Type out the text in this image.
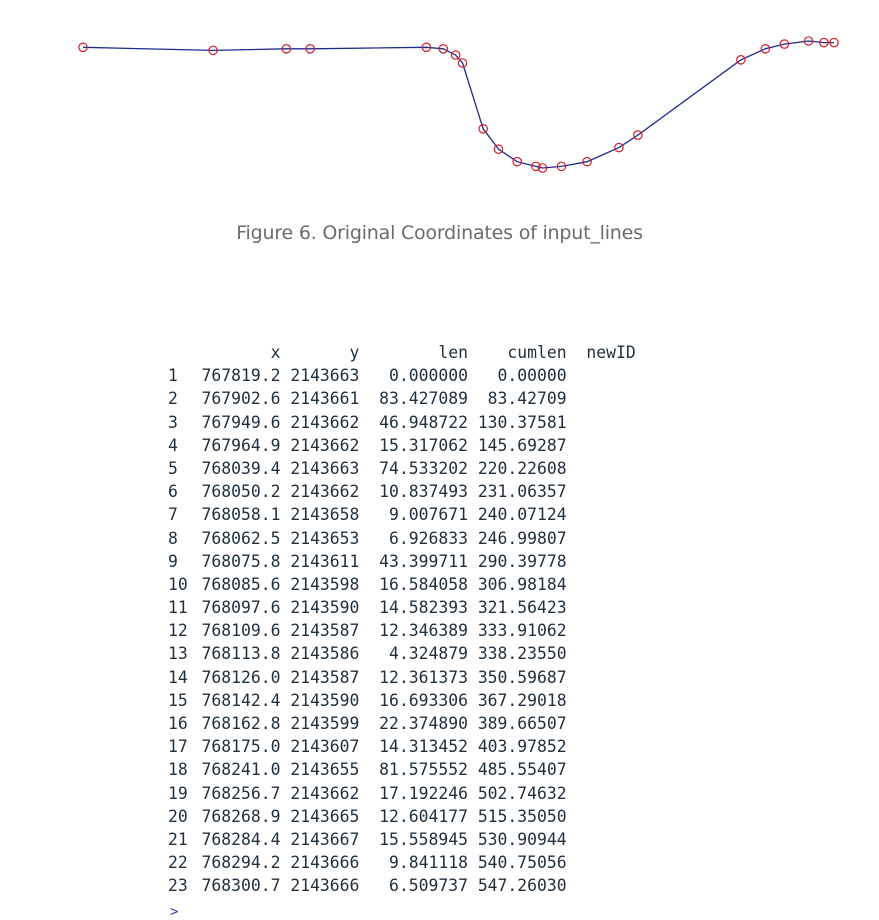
Figure 6. Original Coordinates of input_lines
x	y	len	cumlen	newID
1	767819.2 2143663	0.000000	0.00000
2	767902.6 2143661	83.427089	83.42709
3	767949.6 2143662	46.948722 130.37581
4	767964.9 2143662	15.317062 145.69287
5	768039.4 2143663	74.533202 220.22608
6	768050.2 2143662	10.837493 231.06357
7	768058.1 2143658	9.007671 240.07124
8	768062.5 2143653	6.926833 246.99807
9	768075.8 2143611	43.399711 290.39778
10 768085.6 2143598	16.584058 306.98184
11 768097.6 2143590	14.582393 321.56423
12 768109.6 2143587	12.346389 333.91062
13 768113.8 2143586	4.324879 338.23550
14 768126.0 2143587	12.361373 350.59687
15 768142.4 2143590	16.693306 367.29018
16 768162.8 2143599	22.374890 389.66507
17 768175.0 2143607	14.313452 403.97852
18 768241.0 2143655	81.575552 485.55407
19 768256.7 2143662	17.192246 502.74632
20 768268.9 2143665	12.604177 515.35050
21 768284.4 2143667	15.558945 530.90944
22 768294.2 2143666	9.841118 540.75056
23 768300.7 2143666	6.509737 547.26030
>
